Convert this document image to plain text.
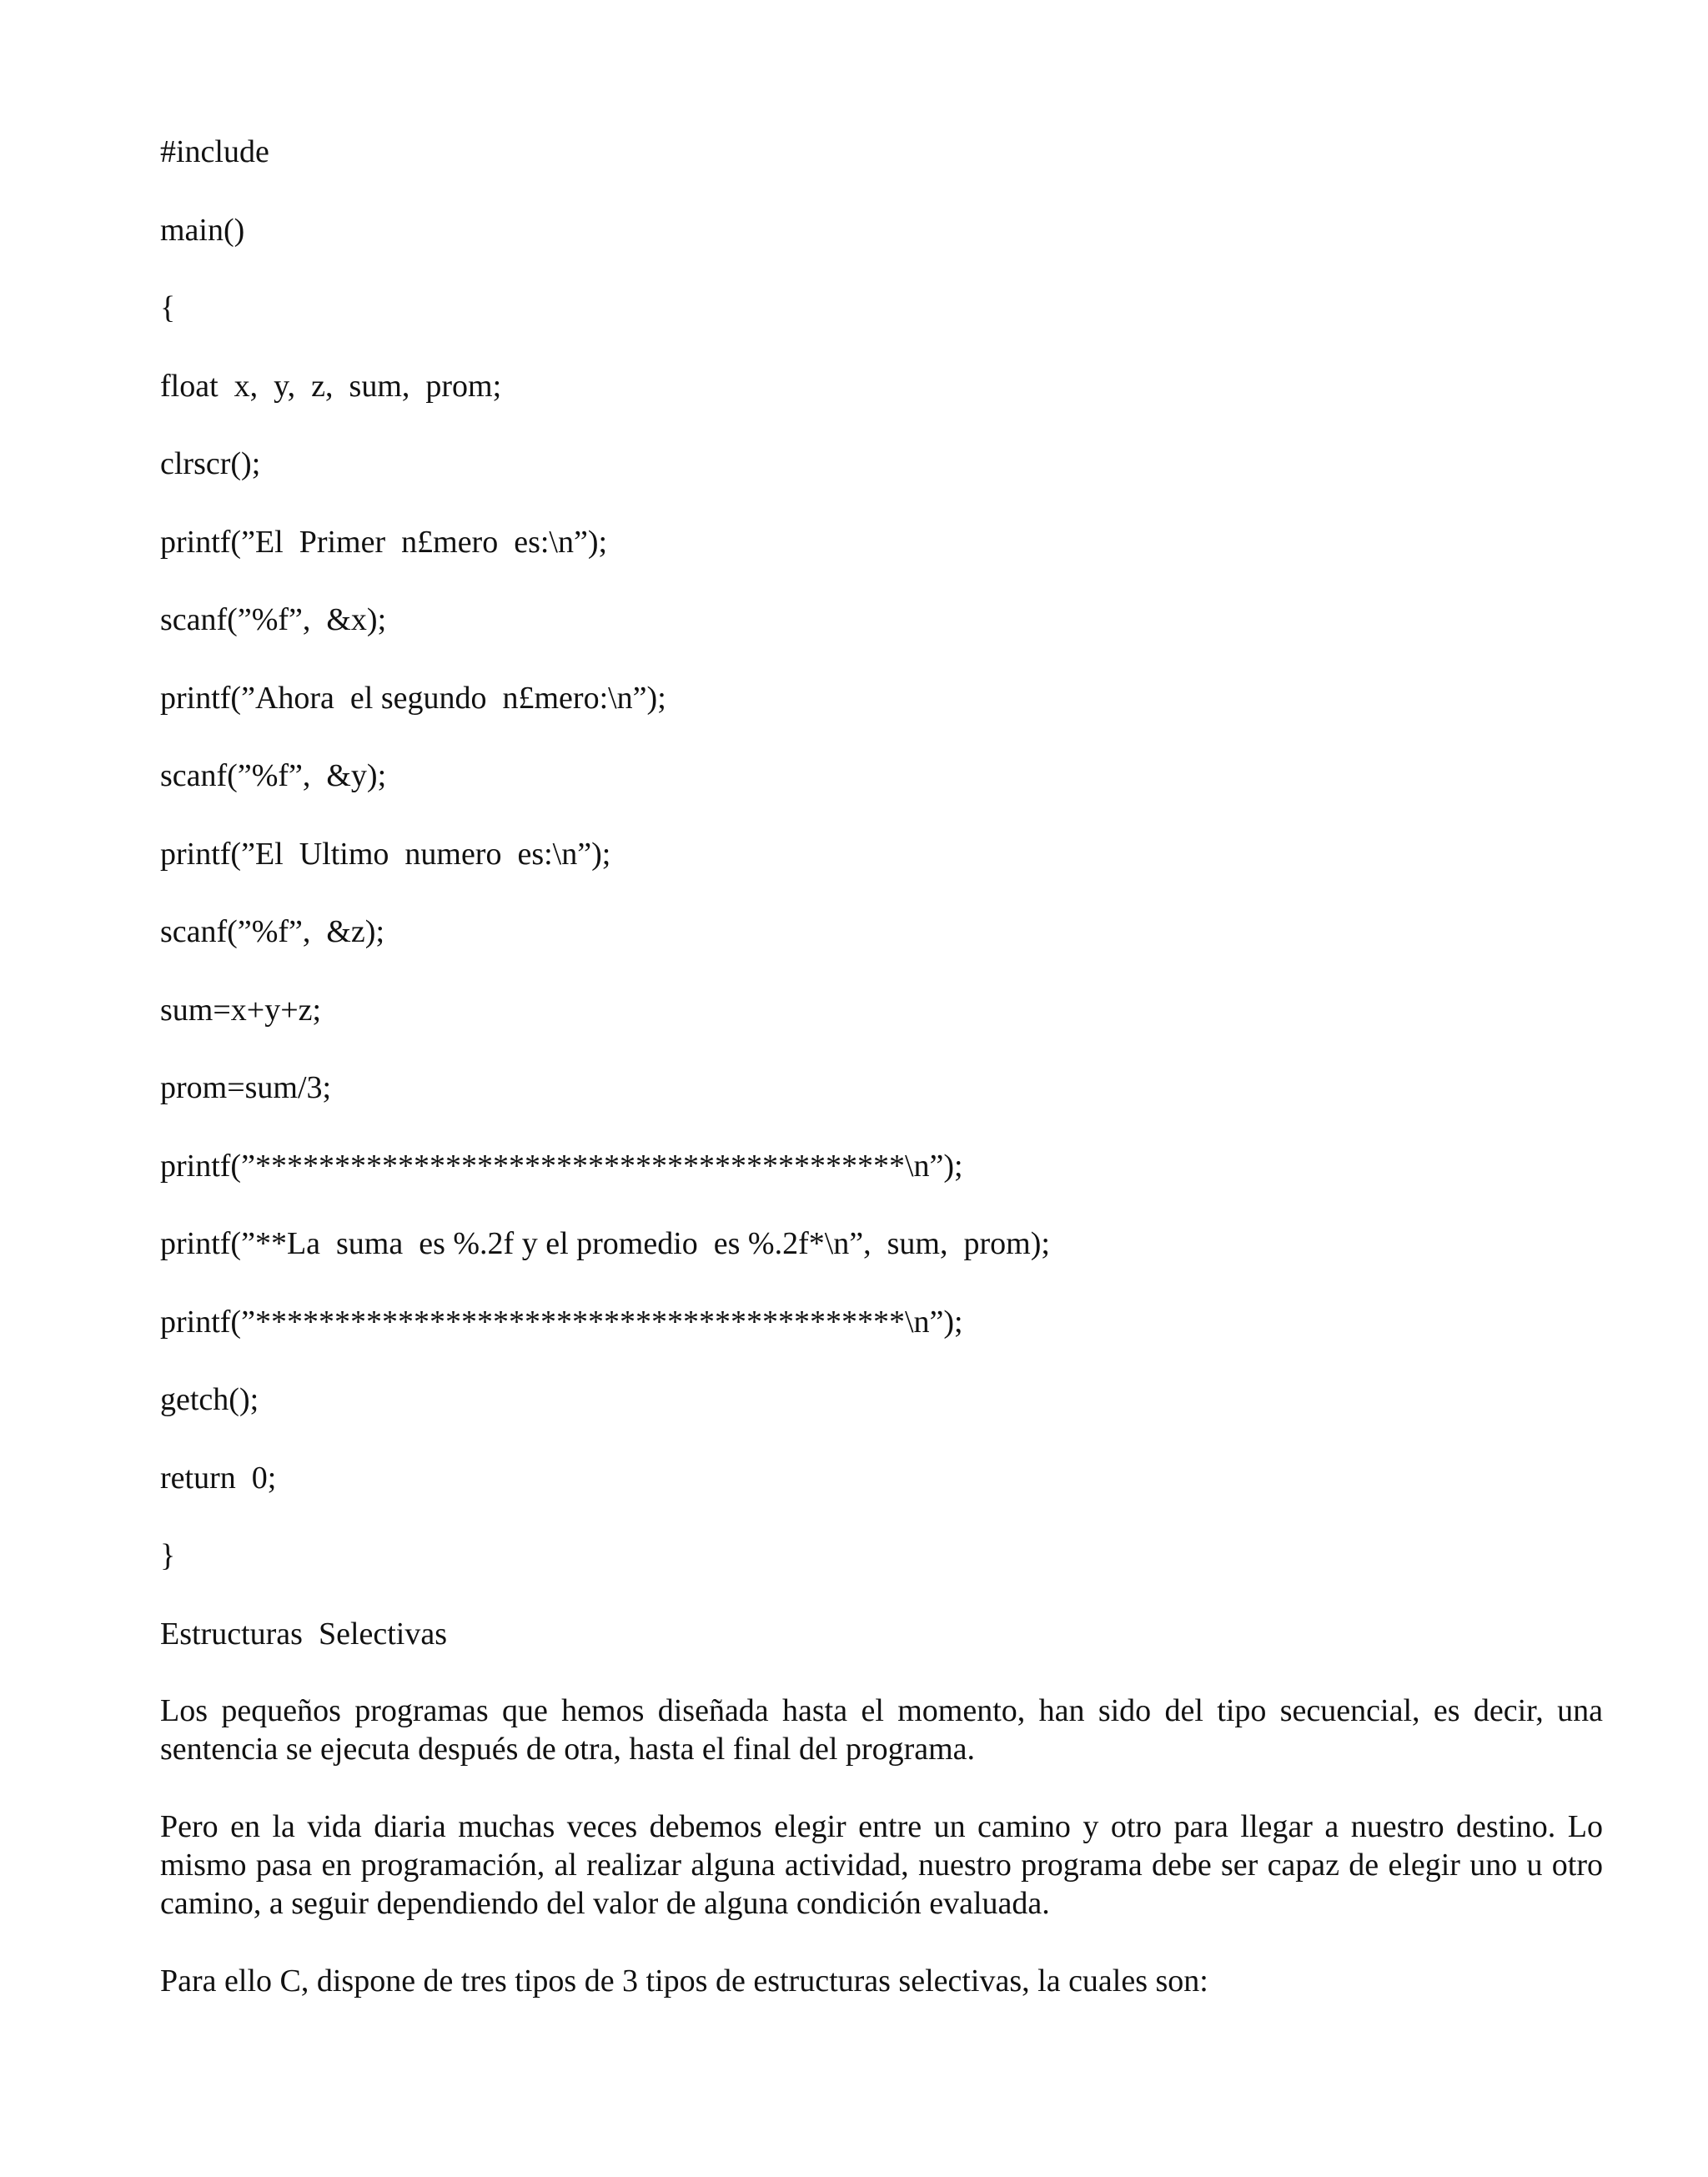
#include
main()
{
float  x,  y,  z,  sum,  prom;
clrscr();
printf(”El  Primer  n£mero  es:\n”);
scanf(”%f”,  &x);
printf(”Ahora  el segundo  n£mero:\n”);
scanf(”%f”,  &y);
printf(”El  Ultimo  numero  es:\n”);
scanf(”%f”,  &z);
sum=x+y+z;
prom=sum/3;
printf(”*****************************************\n”);
printf(”**La  suma  es %.2f y el promedio  es %.2f*\n”,  sum,  prom);
printf(”*****************************************\n”);
getch();
return  0;
}
Estructuras  Selectivas

Los pequeños programas que hemos diseñada hasta el momento, han sido del tipo secuencial, es decir, una sentencia se ejecuta después de otra, hasta el final del programa.

Pero en la vida diaria muchas veces debemos elegir entre un camino y otro para llegar a nuestro destino. Lo mismo pasa en programación, al realizar alguna actividad, nuestro programa debe ser capaz de elegir uno u otro camino, a seguir dependiendo del valor de alguna condición evaluada.

Para ello C, dispone de tres tipos de 3 tipos de estructuras selectivas, la cuales son:
